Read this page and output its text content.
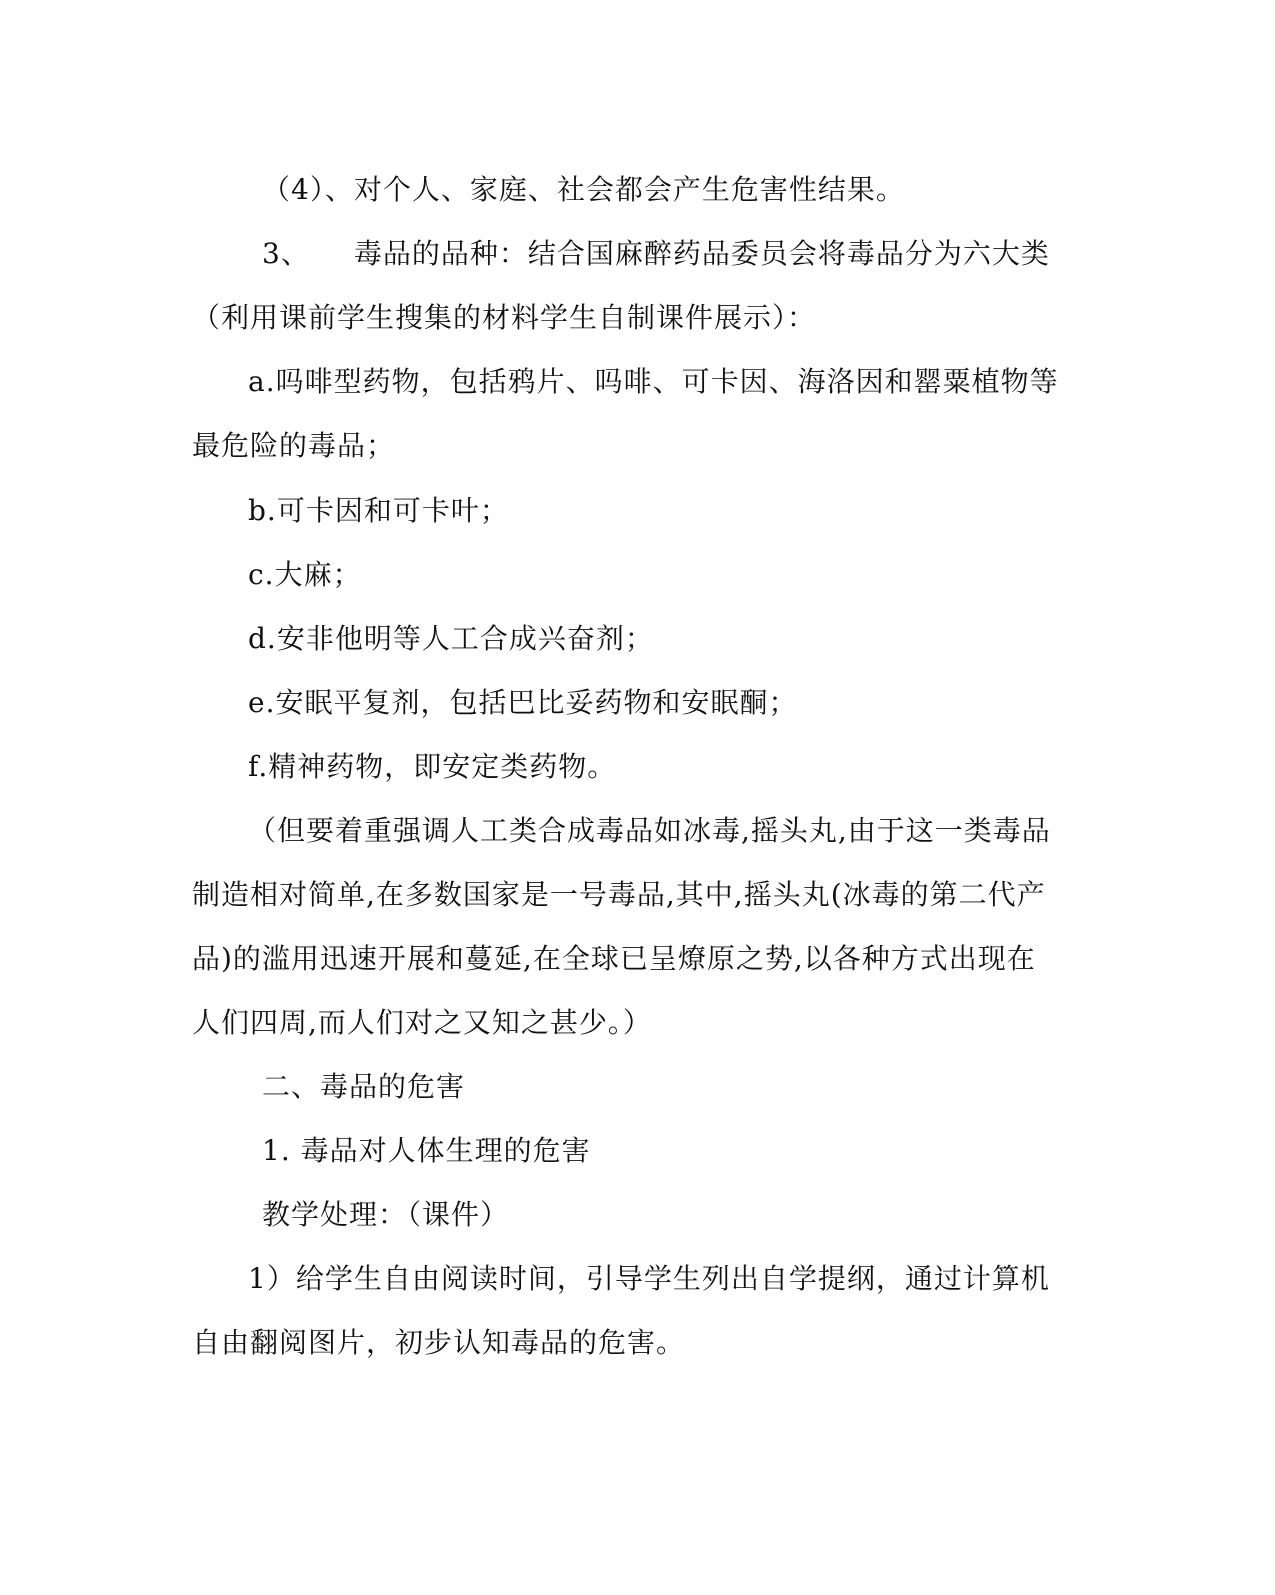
（4）、对个人、家庭、社会都会产生危害性结果。
3、　　毒品的品种：结合国麻醉药品委员会将毒品分为六大类
（利用课前学生搜集的材料学生自制课件展示）：
a.吗啡型药物，包括鸦片、吗啡、可卡因、海洛因和罂粟植物等
最危险的毒品；
b.可卡因和可卡叶；
c.大麻；
d.安非他明等人工合成兴奋剂；
e.安眠平复剂，包括巴比妥药物和安眠酮；
f.精神药物，即安定类药物。
（但要着重强调人工类合成毒品如冰毒,摇头丸,由于这一类毒品
制造相对简单,在多数国家是一号毒品,其中,摇头丸(冰毒的第二代产
品)的滥用迅速开展和蔓延,在全球已呈燎原之势,以各种方式出现在
人们四周,而人们对之又知之甚少。）
二、毒品的危害
1. 毒品对人体生理的危害
教学处理：（课件）
1）给学生自由阅读时间，引导学生列出自学提纲，通过计算机
自由翻阅图片，初步认知毒品的危害。
